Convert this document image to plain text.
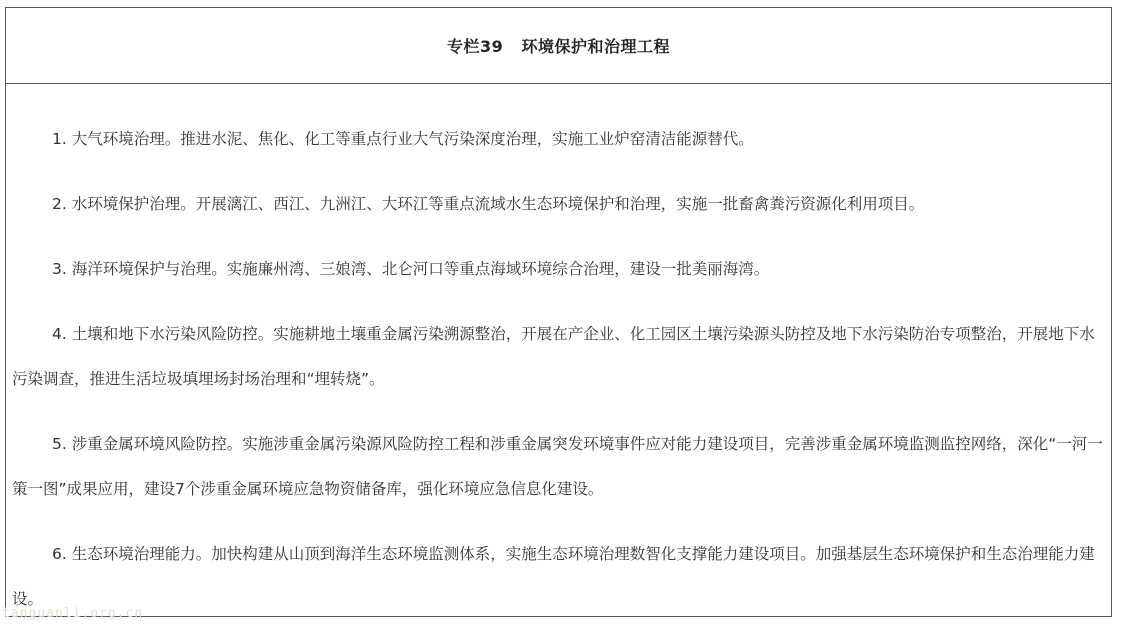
专栏39   环境保护和治理工程

1. 大气环境治理。推进水泥、焦化、化工等重点行业大气污染深度治理，实施工业炉窑清洁能源替代。

2. 水环境保护治理。开展漓江、西江、九洲江、大环江等重点流域水生态环境保护和治理，实施一批畜禽粪污资源化利用项目。

3. 海洋环境保护与治理。实施廉州湾、三娘湾、北仑河口等重点海域环境综合治理，建设一批美丽海湾。

4. 土壤和地下水污染风险防控。实施耕地土壤重金属污染溯源整治，开展在产企业、化工园区土壤污染源头防控及地下水污染防治专项整治，开展地下水污染调查，推进生活垃圾填埋场封场治理和“埋转烧”。

5. 涉重金属环境风险防控。实施涉重金属污染源风险防控工程和涉重金属突发环境事件应对能力建设项目，完善涉重金属环境监测监控网络，深化“一河一策一图”成果应用，建设7个涉重金属环境应急物资储备库，强化环境应急信息化建设。

6. 生态环境治理能力。加快构建从山顶到海洋生态环境监测体系，实施生态环境治理数智化支撑能力建设项目。加强基层生态环境保护和生态治理能力建设。

tanguanli.org.cn
